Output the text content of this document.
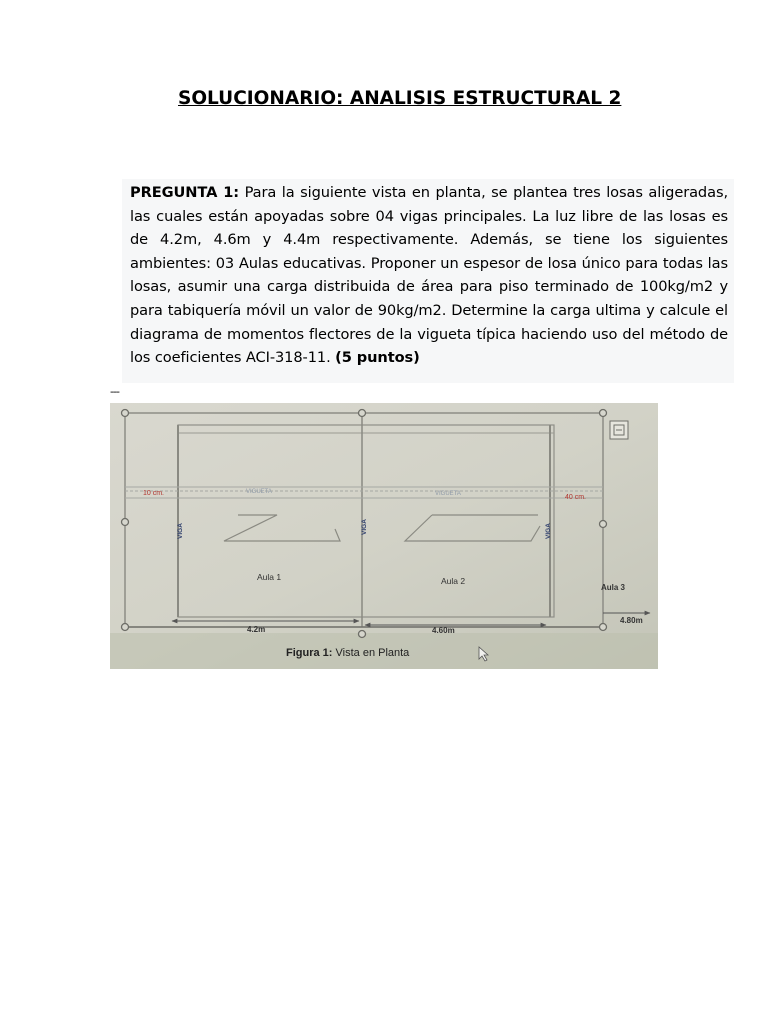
SOLUCIONARIO: ANALISIS ESTRUCTURAL 2
PREGUNTA 1: Para la siguiente vista en planta, se plantea tres losas aligeradas, las cuales están apoyadas sobre 04 vigas principales. La luz libre de las losas es de 4.2m, 4.6m y 4.4m respectivamente. Además, se tiene los siguientes ambientes: 03 Aulas educativas. Proponer un espesor de losa único para todas las losas, asumir una carga distribuida de área para piso terminado de 100kg/m2 y para tabiquería móvil un valor de 90kg/m2. Determine la carga ultima y calcule el diagrama de momentos flectores de la vigueta típica haciendo uso del método de los coeficientes ACI-318-11. (5 puntos)
---
10 cm.
40 cm.
VIGUETA	VIGUETA
VIGA	VIGA	VIGA
Aula 1	Aula 2
Aula 3
4.2m	4.60m
4.80m
Figura 1: Vista en Planta
